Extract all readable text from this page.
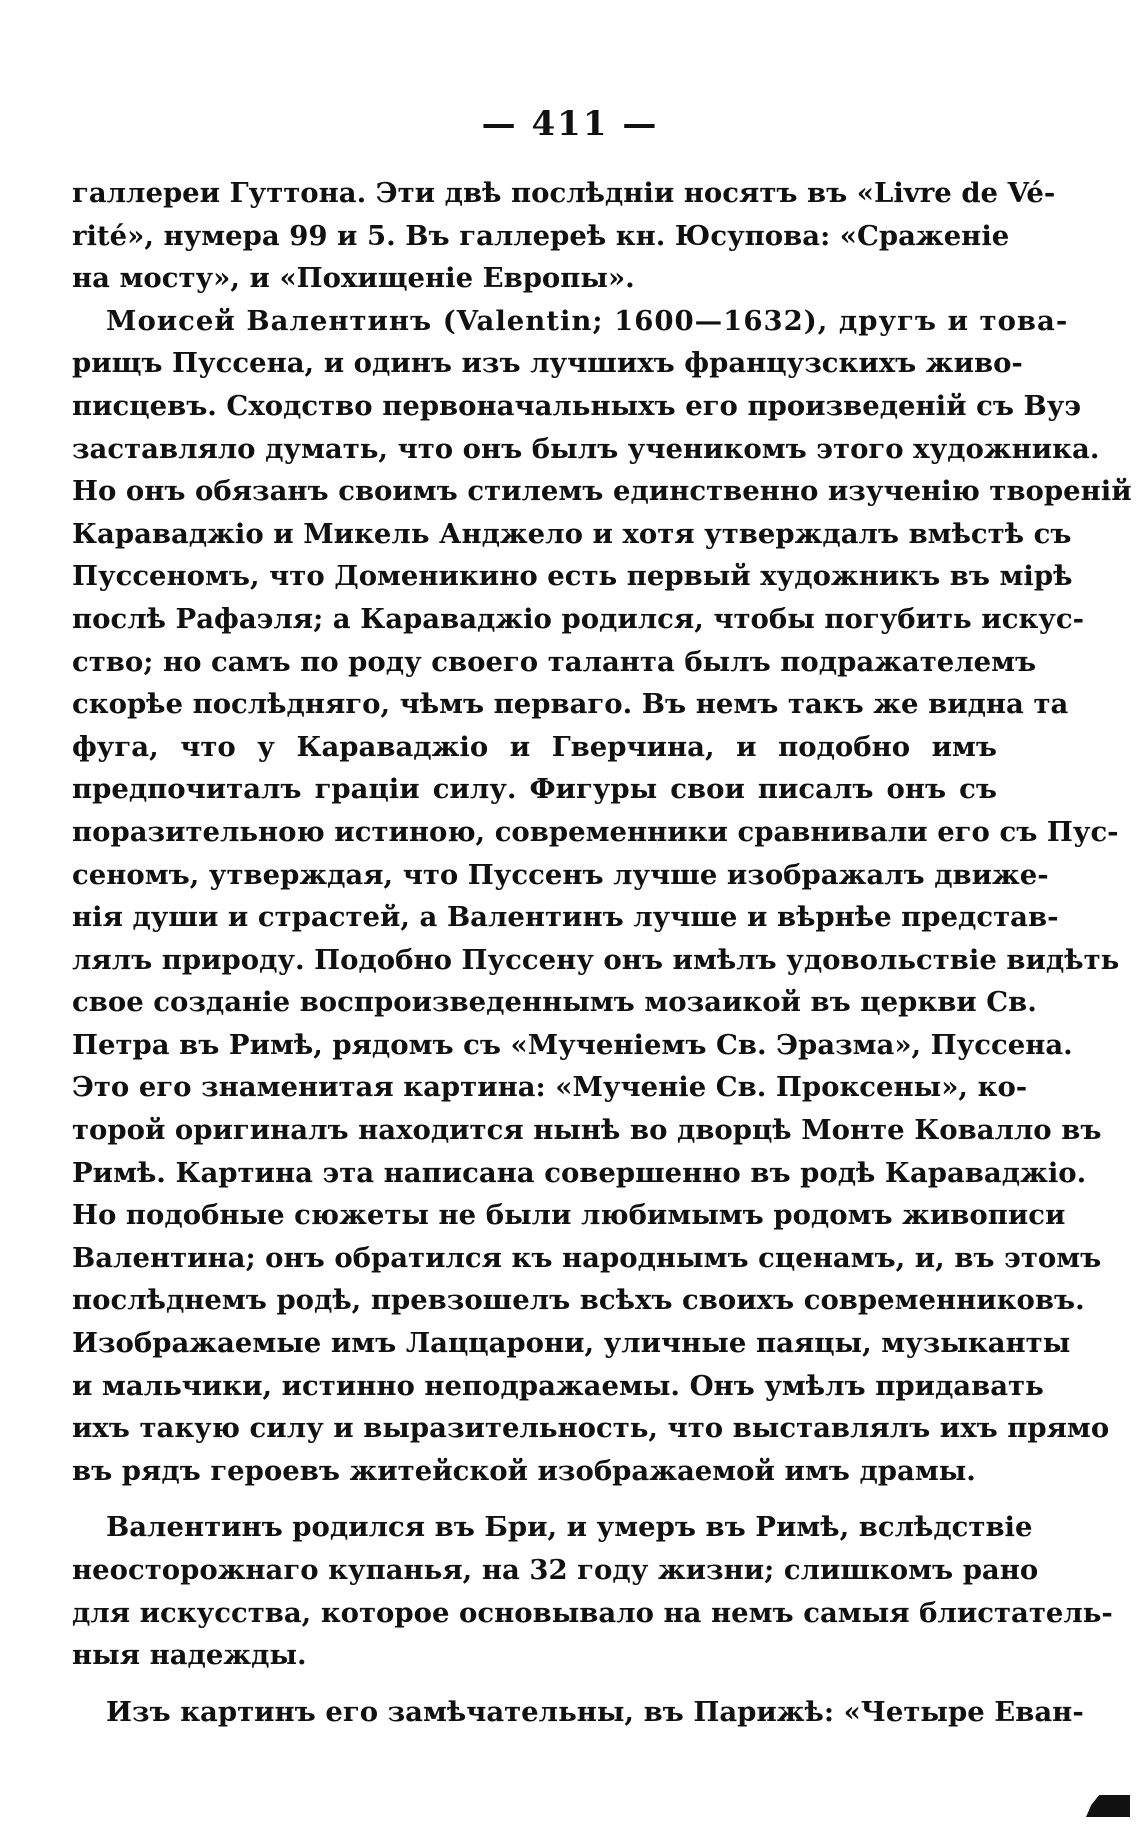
— 411 —
галлереи Гуттона. Эти двѣ послѣднiи носятъ въ «Livre de Vé-
rité», нумера 99 и 5. Въ галлереѣ кн. Юсупова: «Сраженiе
на мосту», и «Похищенiе Европы».
Моисей Валентинъ (Valentin; 1600—1632), другъ и това-
рищъ Пуссена, и одинъ изъ лучшихъ французскихъ живо-
писцевъ. Сходство первоначальныхъ его произведенiй съ Вуэ
заставляло думать, что онъ былъ ученикомъ этого художника.
Но онъ обязанъ своимъ стилемъ единственно изученiю творенiй
Караваджiо и Микель Анджело и хотя утверждалъ вмѣстѣ съ
Пуссеномъ, что Доменикино есть первый художникъ въ мiрѣ
послѣ Рафаэля; а Караваджiо родился, чтобы погубить искус-
ство; но самъ по роду своего таланта былъ подражателемъ
скорѣе послѣдняго, чѣмъ перваго. Въ немъ такъ же видна та
фуга, что у Караваджiо и Гверчина, и подобно имъ
предпочиталъ грацiи силу. Фигуры свои писалъ онъ съ
поразительною истиною, современники сравнивали его съ Пус-
сеномъ, утверждая, что Пуссенъ лучше изображалъ движе-
нiя души и страстей, а Валентинъ лучше и вѣрнѣе представ-
лялъ природу. Подобно Пуссену онъ имѣлъ удовольствiе видѣть
свое созданiе воспроизведеннымъ мозаикой въ церкви Св.
Петра въ Римѣ, рядомъ съ «Мученiемъ Св. Эразма», Пуссена.
Это его знаменитая картина: «Мученiе Св. Проксены», ко-
торой оригиналъ находится нынѣ во дворцѣ Монте Ковалло въ
Римѣ. Картина эта написана совершенно въ родѣ Караваджiо.
Но подобные сюжеты не были любимымъ родомъ живописи
Валентина; онъ обратился къ народнымъ сценамъ, и, въ этомъ
послѣднемъ родѣ, превзошелъ всѣхъ своихъ современниковъ.
Изображаемые имъ Лаццарони, уличные паяцы, музыканты
и мальчики, истинно неподражаемы. Онъ умѣлъ придавать
ихъ такую силу и выразительность, что выставлялъ ихъ прямо
въ рядъ героевъ житейской изображаемой имъ драмы.
Валентинъ родился въ Бри, и умеръ въ Римѣ, вслѣдствiе
неосторожнаго купанья, на 32 году жизни; слишкомъ рано
для искусства, которое основывало на немъ самыя блистатель-
ныя надежды.
Изъ картинъ его замѣчательны, въ Парижѣ: «Четыре Еван-
